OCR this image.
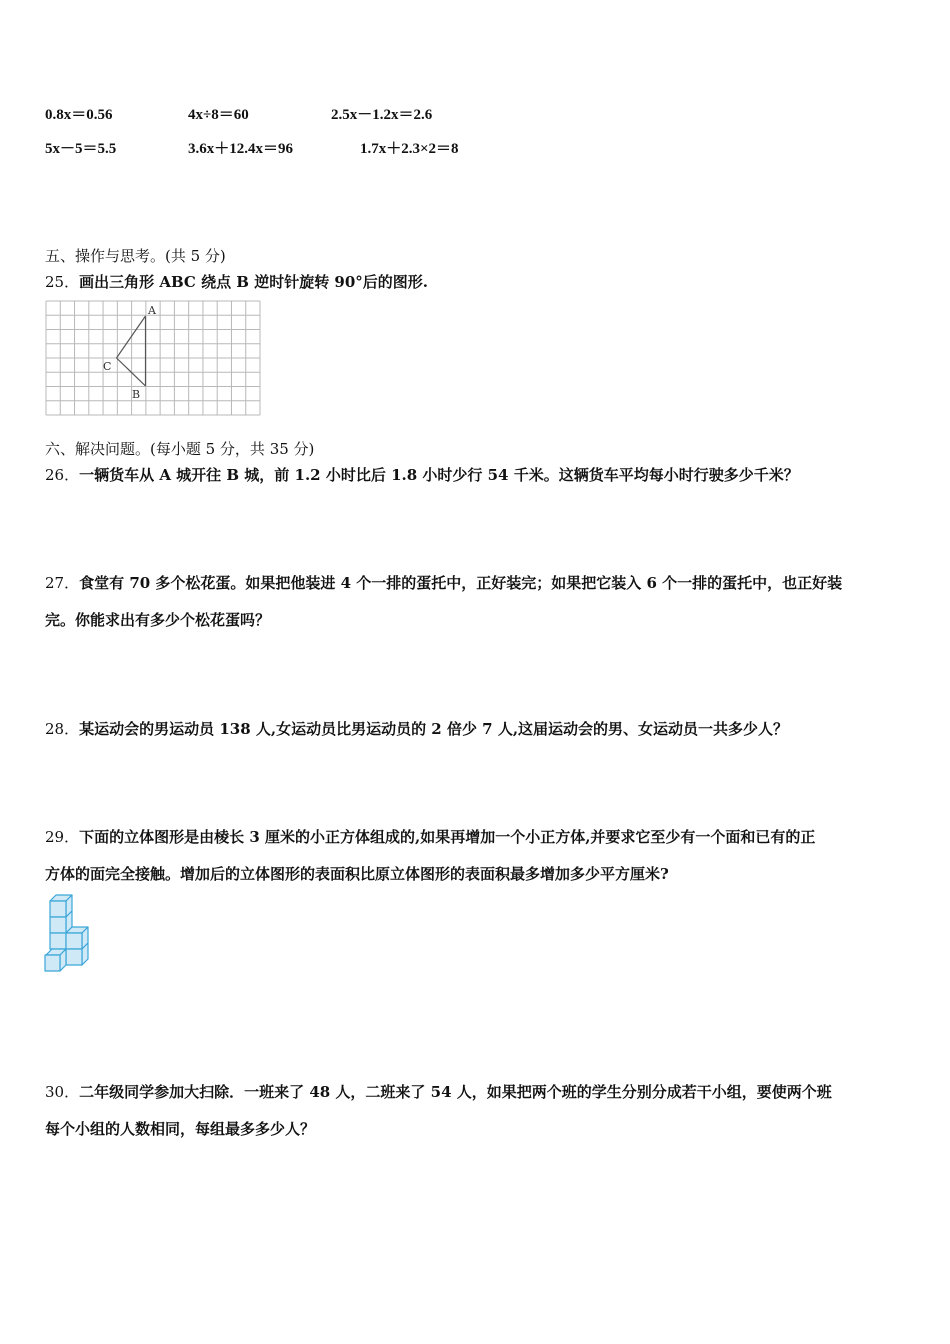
0.8x＝0.56	4x÷8＝60	2.5x－1.2x＝2.6
5x－5＝5.5	3.6x＋12.4x＝96	1.7x＋2.3×2＝8
五、操作与思考。(共 5 分)
25．画出三角形 ABC 绕点 B 逆时针旋转 90°后的图形.
A
C
B
六、解决问题。(每小题 5 分，共 35 分)
26．一辆货车从 A 城开往 B 城，前 1.2 小时比后 1.8 小时少行 54 千米。这辆货车平均每小时行驶多少千米？
27．食堂有 70 多个松花蛋。如果把他装进 4 个一排的蛋托中，正好装完；如果把它装入 6 个一排的蛋托中，也正好装
完。你能求出有多少个松花蛋吗？
28．某运动会的男运动员 138 人,女运动员比男运动员的 2 倍少 7 人,这届运动会的男、女运动员一共多少人？
29．下面的立体图形是由棱长 3 厘米的小正方体组成的,如果再增加一个小正方体,并要求它至少有一个面和已有的正
方体的面完全接触。增加后的立体图形的表面积比原立体图形的表面积最多增加多少平方厘米?
30．二年级同学参加大扫除．一班来了 48 人，二班来了 54 人，如果把两个班的学生分别分成若干小组，要使两个班
每个小组的人数相同，每组最多多少人？
